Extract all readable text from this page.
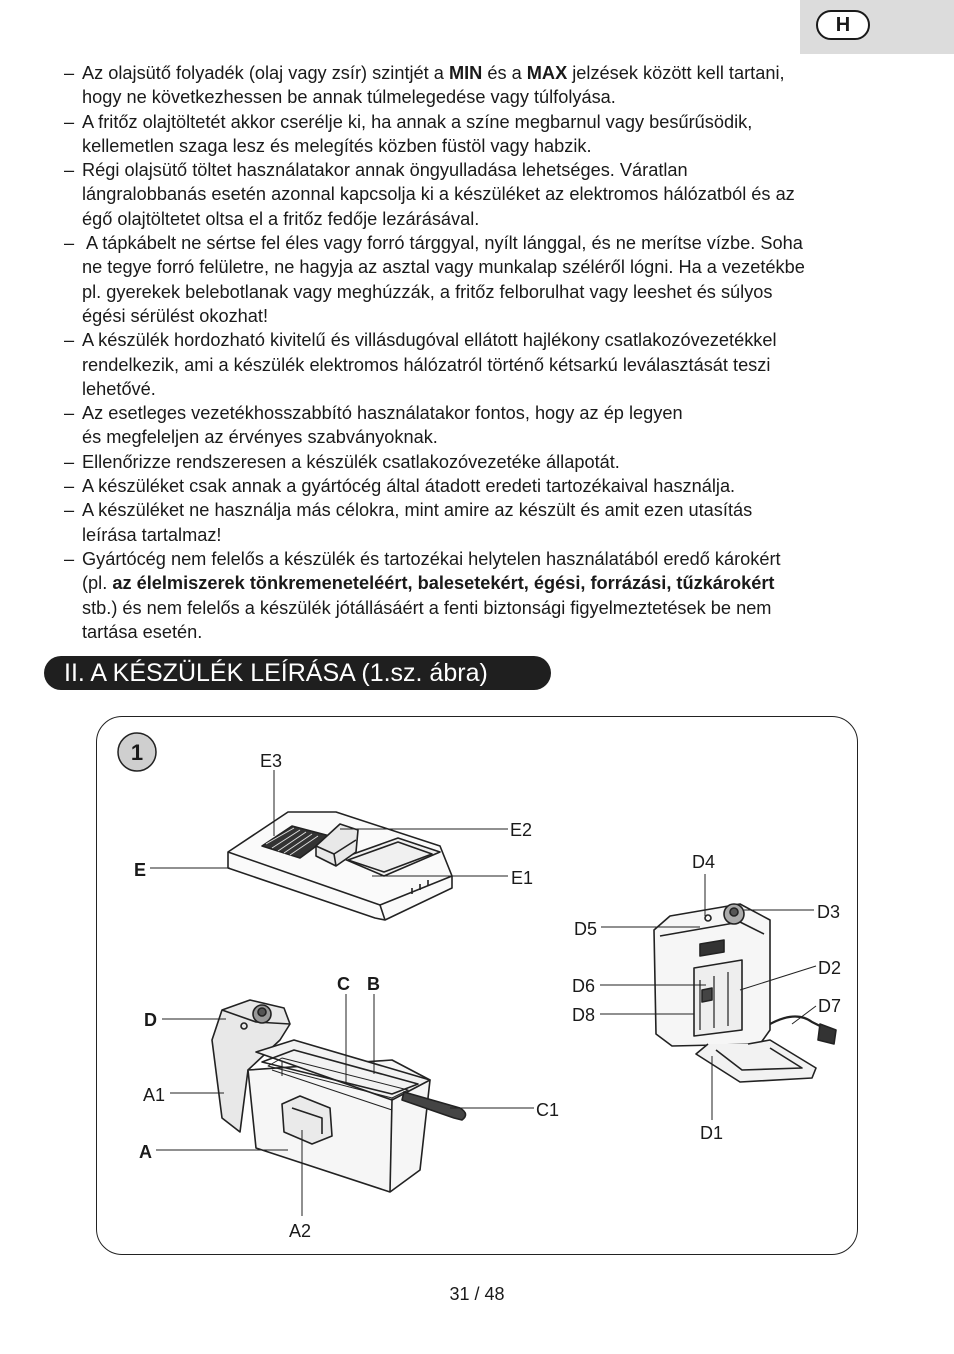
H
– Az olajsütő folyadék (olaj vagy zsír) szintjét a MIN és a MAX jelzések között kell tartani,
hogy ne következhessen be annak túlmelegedése vagy túlfolyása.
– A fritőz olajtöltetét akkor cserélje ki, ha annak a színe megbarnul vagy besűrűsödik,
kellemetlen szaga lesz és melegítés közben füstöl vagy habzik.
– Régi olajsütő töltet használatakor annak öngyulladása lehetséges. Váratlan
lángralobbanás esetén azonnal kapcsolja ki a készüléket az elektromos hálózatból és az
égő olajtöltetet oltsa el a fritőz fedője lezárásával.
– A tápkábelt ne sértse fel éles vagy forró tárggyal, nyílt lánggal, és ne merítse vízbe. Soha
ne tegye forró felületre, ne hagyja az asztal vagy munkalap széléről lógni. Ha a vezetékbe
pl. gyerekek belebotlanak vagy meghúzzák, a fritőz felborulhat vagy leeshet és súlyos
égési sérülést okozhat!
– A készülék hordozható kivitelű és villásdugóval ellátott hajlékony csatlakozóvezetékkel
rendelkezik, ami a készülék elektromos hálózatról történő kétsarkú leválasztását teszi
lehetővé.
– Az esetleges vezetékhosszabbító használatakor fontos, hogy az ép legyen
és megfeleljen az érvényes szabványoknak.
– Ellenőrizze rendszeresen a készülék csatlakozóvezetéke állapotát.
– A készüléket csak annak a gyártócég által átadott eredeti tartozékaival használja.
– A készüléket ne használja más célokra, mint amire az készült és amit ezen utasítás
leírása tartalmaz!
– Gyártócég nem felelős a készülék és tartozékai helytelen használatából eredő károkért
(pl. az élelmiszerek tönkremeneteléért, balesetekért, égési, forrázási, tűzkárokért
stb.) és nem felelős a készülék jótállásáért a fenti biztonsági figyelmeztetések be nem
tartása esetén.
II. A KÉSZÜLÉK LEÍRÁSA (1.sz. ábra)
1	E3
E2
E1
E
C B
D
A1
A
A2
C1
D4
D3
D5
D2
D6
D7
D8
D1
31 / 48
